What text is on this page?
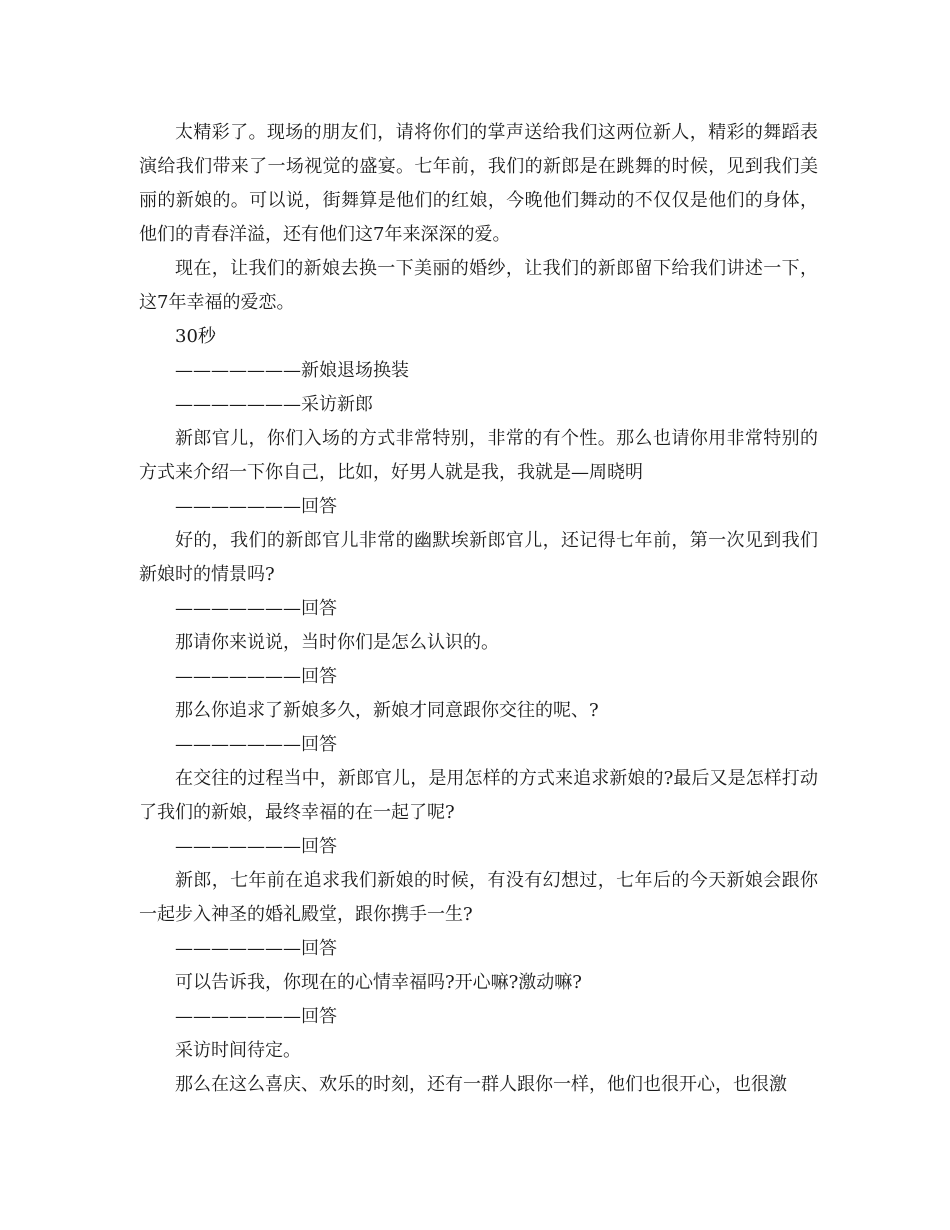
太精彩了。现场的朋友们，请将你们的掌声送给我们这两位新人，精彩的舞蹈表演给我们带来了一场视觉的盛宴。七年前，我们的新郎是在跳舞的时候，见到我们美丽的新娘的。可以说，街舞算是他们的红娘，今晚他们舞动的不仅仅是他们的身体，他们的青春洋溢，还有他们这7年来深深的爱。

现在，让我们的新娘去换一下美丽的婚纱，让我们的新郎留下给我们讲述一下，这7年幸福的爱恋。

30秒

———————新娘退场换装

———————采访新郎

新郎官儿，你们入场的方式非常特别，非常的有个性。那么也请你用非常特别的方式来介绍一下你自己，比如，好男人就是我，我就是—周晓明

———————回答

好的，我们的新郎官儿非常的幽默埃新郎官儿，还记得七年前，第一次见到我们新娘时的情景吗?

———————回答

那请你来说说，当时你们是怎么认识的。

———————回答

那么你追求了新娘多久，新娘才同意跟你交往的呢、?

———————回答

在交往的过程当中，新郎官儿，是用怎样的方式来追求新娘的?最后又是怎样打动了我们的新娘，最终幸福的在一起了呢?

———————回答

新郎，七年前在追求我们新娘的时候，有没有幻想过，七年后的今天新娘会跟你一起步入神圣的婚礼殿堂，跟你携手一生?

———————回答

可以告诉我，你现在的心情幸福吗?开心嘛?激动嘛?

———————回答

采访时间待定。

那么在这么喜庆、欢乐的时刻，还有一群人跟你一样，他们也很开心，也很激
